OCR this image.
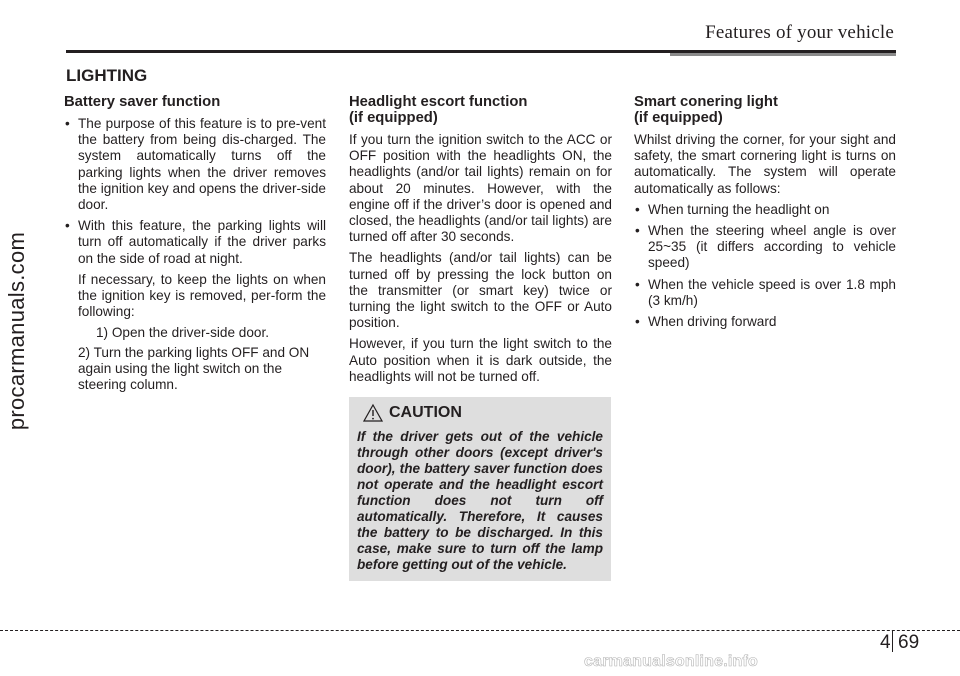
Features of your vehicle
procarmanuals.com
LIGHTING
Battery saver function
• The purpose of this feature is to pre-vent the battery from being dis-charged. The system automatically turns off the parking lights when the driver removes the ignition key and opens the driver-side door.
• With this feature, the parking lights will turn off automatically if the driver parks on the side of road at night.
If necessary, to keep the lights on when the ignition key is removed, per-form the following:
1) Open the driver-side door.
2) Turn the parking lights OFF and ON again using the light switch on the steering column.
Headlight escort function
(if equipped)

If you turn the ignition switch to the ACC or OFF position with the headlights ON, the headlights (and/or tail lights) remain on for about 20 minutes. However, with the engine off if the driver’s door is opened and closed, the headlights (and/or tail lights) are turned off after 30 seconds.

The headlights (and/or tail lights) can be turned off by pressing the lock button on the transmitter (or smart key) twice or turning the light switch to the OFF or Auto position.

However, if you turn the light switch to the Auto position when it is dark outside, the headlights will not be turned off.

CAUTION
If the driver gets out of the vehicle through other doors (except driver's door), the battery saver function does not operate and the headlight escort function does not turn off automatically. Therefore, It causes the battery to be discharged. In this case, make sure to turn off the lamp before getting out of the vehicle.
Smart conering light
(if equipped)

Whilst driving the corner, for your sight and safety, the smart cornering light is turns on automatically. The system will operate automatically as follows:

• When turning the headlight on
• When the steering wheel angle is over 25~35 (it differs according to vehicle speed)
• When the vehicle speed is over 1.8 mph (3 km/h)
• When driving forward
4 69
carmanualsonline.info
